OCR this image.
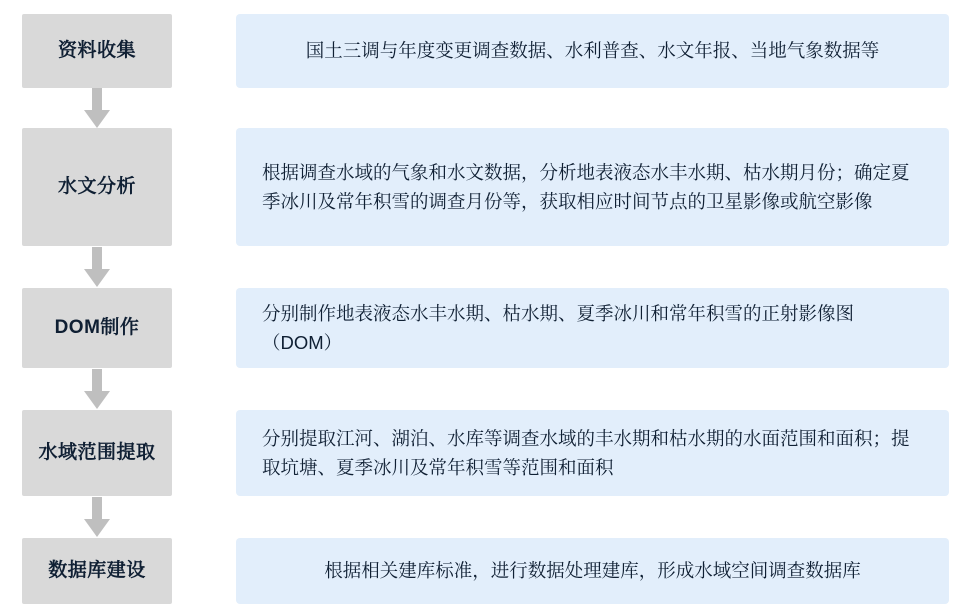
资料收集	国土三调与年度变更调查数据、水利普查、水文年报、当地气象数据等
水文分析
根据调查水域的气象和水文数据，分析地表液态水丰水期、枯水期月份；确定夏季冰川及常年积雪的调查月份等，获取相应时间节点的卫星影像或航空影像
DOM制作
分别制作地表液态水丰水期、枯水期、夏季冰川和常年积雪的正射影像图（DOM）
水域范围提取
分别提取江河、湖泊、水库等调查水域的丰水期和枯水期的水面范围和面积；提取坑塘、夏季冰川及常年积雪等范围和面积
数据库建设	根据相关建库标准，进行数据处理建库，形成水域空间调查数据库
